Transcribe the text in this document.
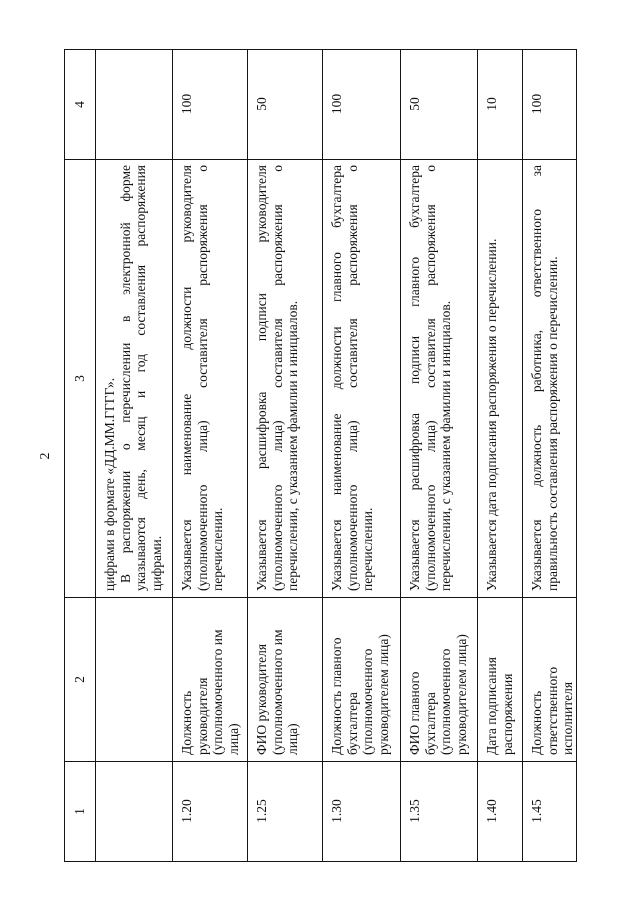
2
1	2	3	4

		цифрами в формате «ДД.ММ.ГГГГ». В распоряжении о перечислении в электронной форме указываются день, месяц и год составления распоряжения цифрами.	

1.20	Должность руководителя (уполномоченного им лица)	Указывается наименование должности руководителя (уполномоченного лица) составителя распоряжения о перечислении.	100
1.25	ФИО руководителя (уполномоченного им лица)	Указывается расшифровка подписи руководителя (уполномоченного лица) составителя распоряжения о перечислении, с указанием фамилии и инициалов.	50
1.30	Должность главного бухгалтера (уполномоченного руководителем лица)	Указывается наименование должности главного бухгалтера (уполномоченного лица) составителя распоряжения о перечислении.	100
1.35	ФИО главного бухгалтера (уполномоченного руководителем лица)	Указывается расшифровка подписи главного бухгалтера (уполномоченного лица) составителя распоряжения о перечислении, с указанием фамилии и инициалов.	50
1.40	Дата подписания распоряжения	Указывается дата подписания распоряжения о перечислении.	10
1.45	Должность ответственного исполнителя	Указывается должность работника, ответственного за правильность составления распоряжения о перечислении.	100
